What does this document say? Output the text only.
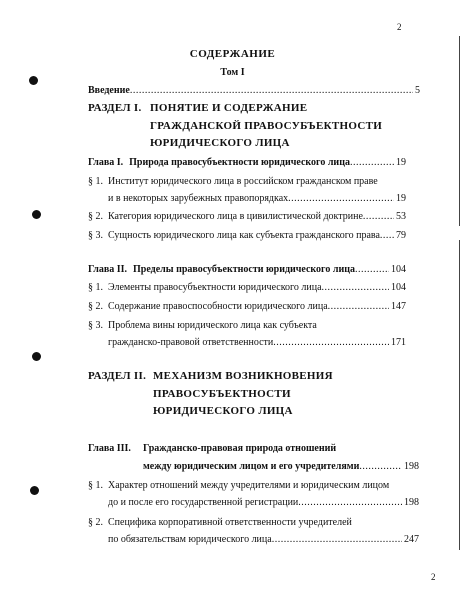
2
2
СОДЕРЖАНИЕ
Том I
Введение .....	5
РАЗДЕЛ I. ПОНЯТИЕ И СОДЕРЖАНИЕ
ГРАЖДАНСКОЙ ПРАВОСУБЪЕКТНОСТИ
ЮРИДИЧЕСКОГО ЛИЦА
Глава I. Природа правосубъектности юридического лица .....	19
§ 1. Институт юридического лица в российском гражданском праве
и в некоторых зарубежных правопорядках .....	19
§ 2. Категория юридического лица в цивилистической доктрине .....	53
§ 3. Сущность юридического лица как субъекта гражданского права ..... 79
Глава II. Пределы правосубъектности юридического лица .....	104
§ 1. Элементы правосубъектности юридического лица .....	104
§ 2. Содержание правоспособности юридического лица .....	147
§ 3. Проблема вины юридического лица как субъекта
гражданско-правовой ответственности .....	171
РАЗДЕЛ II. МЕХАНИЗМ ВОЗНИКНОВЕНИЯ
ПРАВОСУБЪЕКТНОСТИ
ЮРИДИЧЕСКОГО ЛИЦА
Глава III. Гражданско-правовая природа отношений
между юридическим лицом и его учредителями .....	198
§ 1. Характер отношений между учредителями и юридическим лицом
до и после его государственной регистрации .....	198
§ 2. Специфика корпоративной ответственности учредителей
по обязательствам юридического лица .....	247
